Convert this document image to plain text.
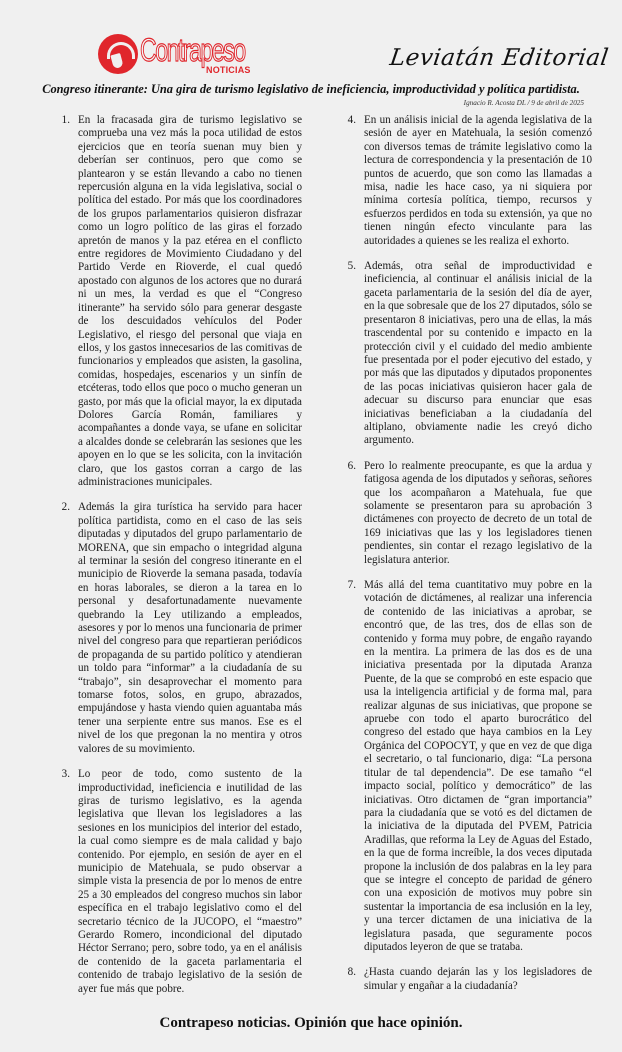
Contrapeso
NOTICIAS	Leviatán Editorial
Congreso itinerante: Una gira de turismo legislativo de ineficiencia, improductividad y política partidista.
Ignacio R. Acosta DL / 9 de abril de 2025
1. En la fracasada gira de turismo legislativo se comprueba una vez más la poca utilidad de estos ejercicios que en teoría suenan muy bien y deberían ser continuos, pero que como se plantearon y se están llevando a cabo no tienen repercusión alguna en la vida legislativa, social o política del estado. Por más que los coordinadores de los grupos parlamentarios quisieron disfrazar como un logro político de las giras el forzado apretón de manos y la paz etérea en el conflicto entre regidores de Movimiento Ciudadano y del Partido Verde en Rioverde, el cual quedó apostado con algunos de los actores que no durará ni un mes, la verdad es que el “Congreso itinerante” ha servido sólo para generar desgaste de los descuidados vehículos del Poder Legislativo, el riesgo del personal que viaja en ellos, y los gastos innecesarios de las comitivas de funcionarios y empleados que asisten, la gasolina, comidas, hospedajes, escenarios y un sinfín de etcéteras, todo ellos que poco o mucho generan un gasto, por más que la oficial mayor, la ex diputada Dolores García Román, familiares y acompañantes a donde vaya, se ufane en solicitar a alcaldes donde se celebrarán las sesiones que les apoyen en lo que se les solicita, con la invitación claro, que los gastos corran a cargo de las administraciones municipales.
2. Además la gira turística ha servido para hacer política partidista, como en el caso de las seis diputadas y diputados del grupo parlamentario de MORENA, que sin empacho o integridad alguna al terminar la sesión del congreso itinerante en el municipio de Rioverde la semana pasada, todavía en horas laborales, se dieron a la tarea en lo personal y desafortunadamente nuevamente quebrando la Ley utilizando a empleados, asesores y por lo menos una funcionaria de primer nivel del congreso para que repartieran periódicos de propaganda de su partido político y atendieran un toldo para “informar” a la ciudadanía de su “trabajo”, sin desaprovechar el momento para tomarse fotos, solos, en grupo, abrazados, empujándose y hasta viendo quien aguantaba más tener una serpiente entre sus manos. Ese es el nivel de los que pregonan la no mentira y otros valores de su movimiento.
3. Lo peor de todo, como sustento de la improductividad, ineficiencia e inutilidad de las giras de turismo legislativo, es la agenda legislativa que llevan los legisladores a las sesiones en los municipios del interior del estado, la cual como siempre es de mala calidad y bajo contenido. Por ejemplo, en sesión de ayer en el municipio de Matehuala, se pudo observar a simple vista la presencia de por lo menos de entre 25 a 30 empleados del congreso muchos sin labor específica en el trabajo legislativo como el del secretario técnico de la JUCOPO, el “maestro” Gerardo Romero, incondicional del diputado Héctor Serrano; pero, sobre todo, ya en el análisis de contenido de la gaceta parlamentaria el contenido de trabajo legislativo de la sesión de ayer fue más que pobre.
4. En un análisis inicial de la agenda legislativa de la sesión de ayer en Matehuala, la sesión comenzó con diversos temas de trámite legislativo como la lectura de correspondencia y la presentación de 10 puntos de acuerdo, que son como las llamadas a misa, nadie les hace caso, ya ni siquiera por mínima cortesía política, tiempo, recursos y esfuerzos perdidos en toda su extensión, ya que no tienen ningún efecto vinculante para las autoridades a quienes se les realiza el exhorto.
5. Además, otra señal de improductividad e ineficiencia, al continuar el análisis inicial de la gaceta parlamentaria de la sesión del día de ayer, en la que sobresale que de los 27 diputados, sólo se presentaron 8 iniciativas, pero una de ellas, la más trascendental por su contenido e impacto en la protección civil y el cuidado del medio ambiente fue presentada por el poder ejecutivo del estado, y por más que las diputados y diputados proponentes de las pocas iniciativas quisieron hacer gala de adecuar su discurso para enunciar que esas iniciativas beneficiaban a la ciudadanía del altiplano, obviamente nadie les creyó dicho argumento.
6. Pero lo realmente preocupante, es que la ardua y fatigosa agenda de los diputados y señoras, señores que los acompañaron a Matehuala, fue que solamente se presentaron para su aprobación 3 dictámenes con proyecto de decreto de un total de 169 iniciativas que las y los legisladores tienen pendientes, sin contar el rezago legislativo de la legislatura anterior.
7. Más allá del tema cuantitativo muy pobre en la votación de dictámenes, al realizar una inferencia de contenido de las iniciativas a aprobar, se encontró que, de las tres, dos de ellas son de contenido y forma muy pobre, de engaño rayando en la mentira. La primera de las dos es de una iniciativa presentada por la diputada Aranza Puente, de la que se comprobó en este espacio que usa la inteligencia artificial y de forma mal, para realizar algunas de sus iniciativas, que propone se apruebe con todo el aparto burocrático del congreso del estado que haya cambios en la Ley Orgánica del COPOCYT, y que en vez de que diga el secretario, o tal funcionario, diga: “La persona titular de tal dependencia”. De ese tamaño “el impacto social, político y democrático” de las iniciativas. Otro dictamen de “gran importancia” para la ciudadanía que se votó es del dictamen de la iniciativa de la diputada del PVEM, Patricia Aradillas, que reforma la Ley de Aguas del Estado, en la que de forma increíble, la dos veces diputada propone la inclusión de dos palabras en la ley para que se integre el concepto de paridad de género con una exposición de motivos muy pobre sin sustentar la importancia de esa inclusión en la ley, y una tercer dictamen de una iniciativa de la legislatura pasada, que seguramente pocos diputados leyeron de que se trataba.
8. ¿Hasta cuando dejarán las y los legisladores de simular y engañar a la ciudadanía?
Contrapeso noticias. Opinión que hace opinión.
